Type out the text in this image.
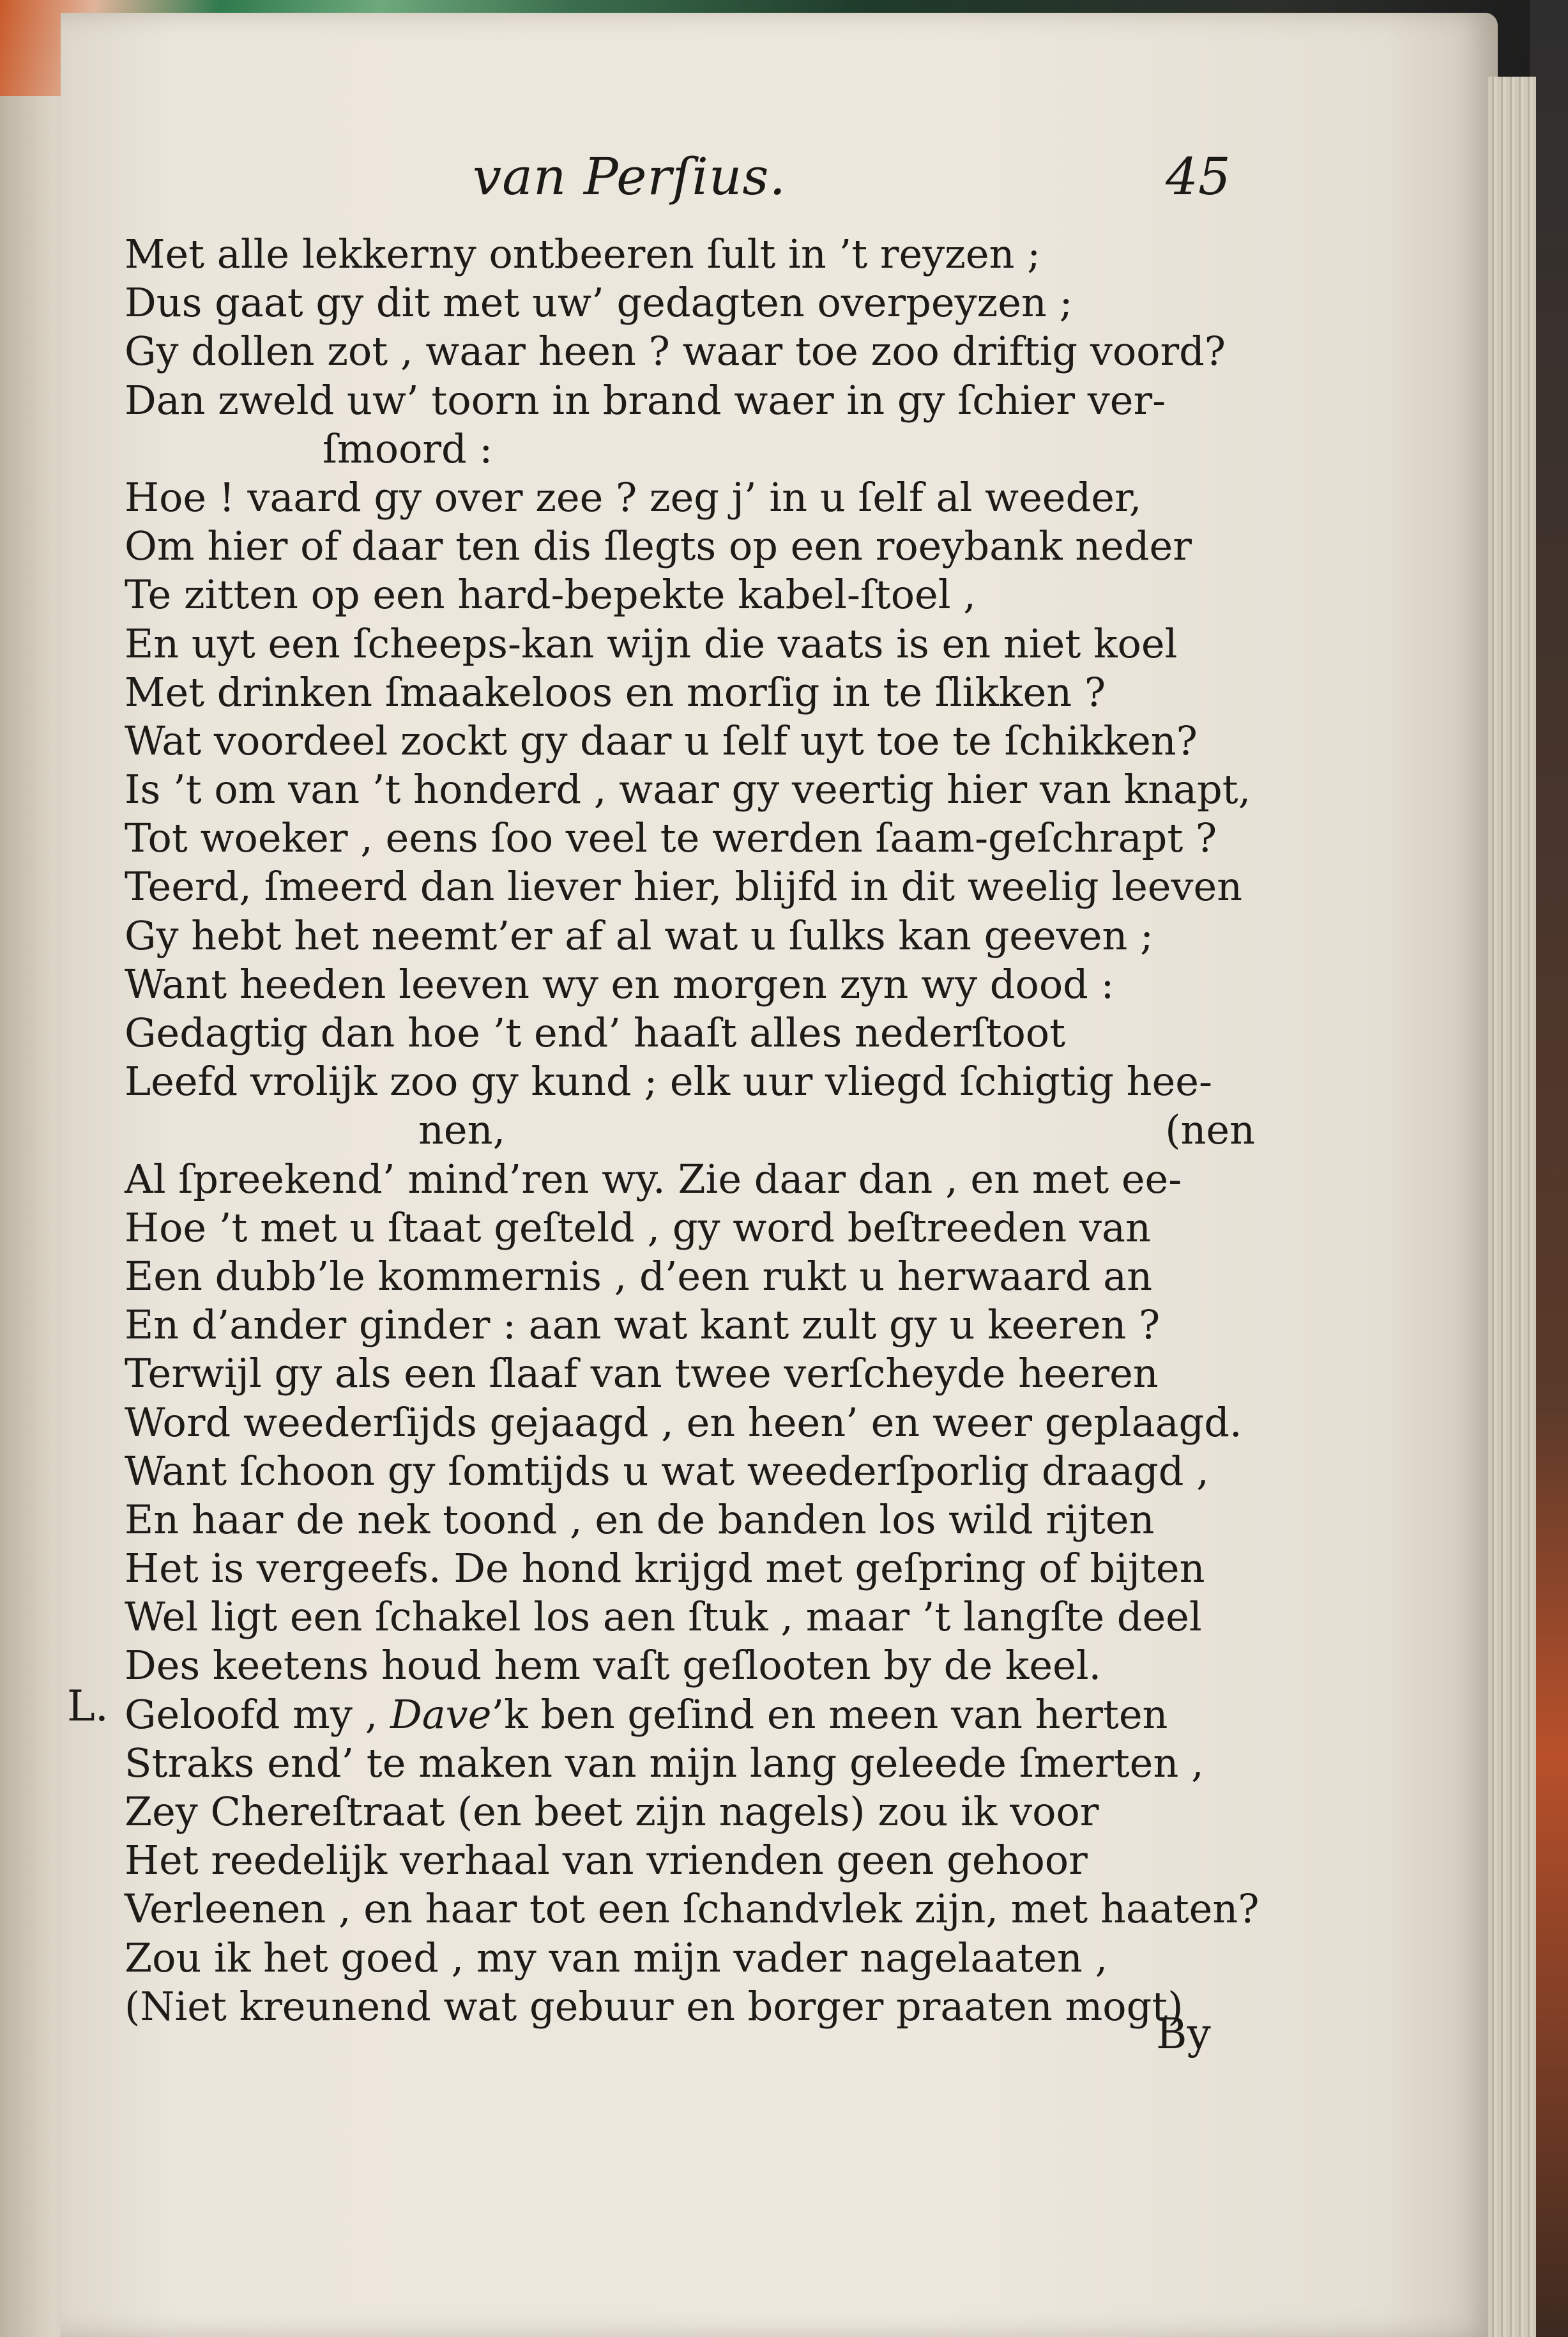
van Perſius.	45
Met alle lekkerny ontbeeren ſult in ’t reyzen ;
Dus gaat gy dit met uw’ gedagten overpeyzen ;
Gy dollen zot , waar heen ? waar toe zoo driftig voord?
Dan zweld uw’ toorn in brand waer in gy ſchier ver-
ſmoord :
Hoe ! vaard gy over zee ? zeg j’ in u ſelf al weeder,
Om hier of daar ten dis ſlegts op een roeybank neder
Te zitten op een hard-bepekte kabel-ſtoel ,
En uyt een ſcheeps-kan wijn die vaats is en niet koel
Met drinken ſmaakeloos en morſig in te ſlikken ?
Wat voordeel zockt gy daar u ſelf uyt toe te ſchikken?
Is ’t om van ’t honderd , waar gy veertig hier van knapt,
Tot woeker , eens ſoo veel te werden ſaam-geſchrapt ?
Teerd, ſmeerd dan liever hier, blijfd in dit weelig leeven
Gy hebt het neemt’er af al wat u ſulks kan geeven ;
Want heeden leeven wy en morgen zyn wy dood :
Gedagtig dan hoe ’t end’ haaſt alles nederſtoot
Leefd vrolijk zoo gy kund ; elk uur vliegd ſchigtig hee-
nen,	(nen
Al ſpreekend’ mind’ren wy. Zie daar dan , en met ee-
Hoe ’t met u ſtaat geſteld , gy word beſtreeden van
Een dubb’le kommernis , d’een rukt u herwaard an
En d’ander ginder : aan wat kant zult gy u keeren ?
Terwijl gy als een ſlaaf van twee verſcheyde heeren
Word weederſijds gejaagd , en heen’ en weer geplaagd.
Want ſchoon gy ſomtijds u wat weederſporlig draagd ,
En haar de nek toond , en de banden los wild rijten
Het is vergeefs. De hond krijgd met geſpring of bijten
Wel ligt een ſchakel los aen ſtuk , maar ’t langſte deel
Des keetens houd hem vaſt geſlooten by de keel.
Geloofd my , Dave’k ben geſind en meen van herten
Straks end’ te maken van mijn lang geleede ſmerten ,
Zey Chereſtraat (en beet zijn nagels) zou ik voor
Het reedelijk verhaal van vrienden geen gehoor
Verleenen , en haar tot een ſchandvlek zijn, met haaten?
Zou ik het goed , my van mijn vader nagelaaten ,
(Niet kreunend wat gebuur en borger praaten mogt)
L.
By
